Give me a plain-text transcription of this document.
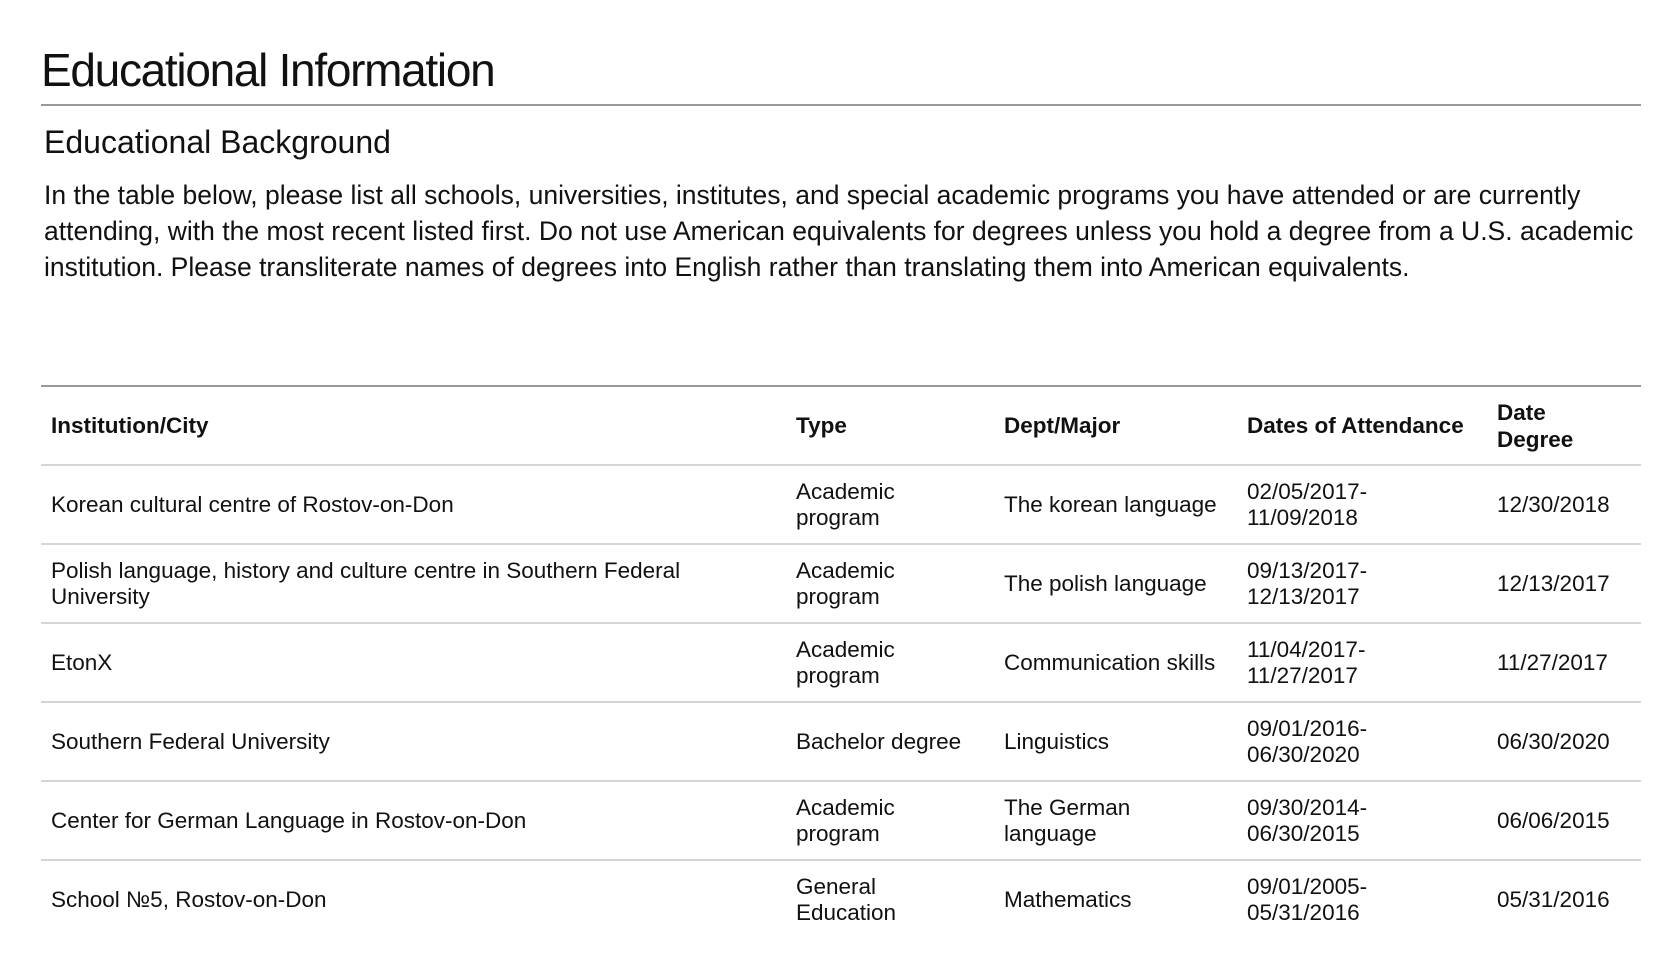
Educational Information
Educational Background

In the table below, please list all schools, universities, institutes, and special academic programs you have attended or are currently attending, with the most recent listed first. Do not use American equivalents for degrees unless you hold a degree from a U.S. academic institution. Please transliterate names of degrees into English rather than translating them into American equivalents.

Institution/City	Type	Dept/Major	Dates of Attendance	Date Degree
Korean cultural centre of Rostov-on-Don	Academic program	The korean language	02/05/2017-11/09/2018	12/30/2018
Polish language, history and culture centre in Southern Federal University	Academic program	The polish language	09/13/2017-12/13/2017	12/13/2017
EtonX	Academic program	Communication skills	11/04/2017-11/27/2017	11/27/2017
Southern Federal University	Bachelor degree	Linguistics	09/01/2016-06/30/2020	06/30/2020
Center for German Language in Rostov-on-Don	Academic program	The German language	09/30/2014-06/30/2015	06/06/2015
School №5, Rostov-on-Don	General Education	Mathematics	09/01/2005-05/31/2016	05/31/2016
